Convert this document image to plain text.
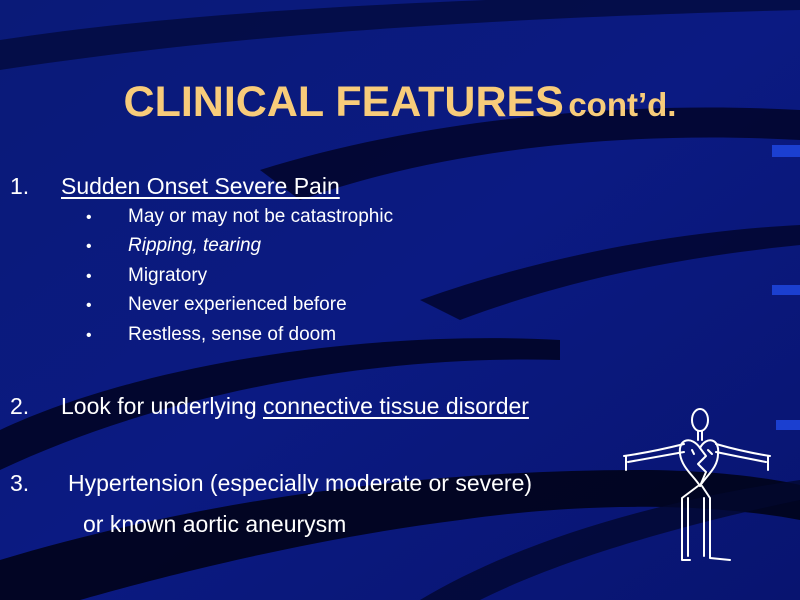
CLINICAL FEATURES cont’d.
1. Sudden Onset Severe Pain
• May or may not be catastrophic
• Ripping, tearing
• Migratory
• Never experienced before
• Restless, sense of doom
2. Look for underlying connective tissue disorder
3. Hypertension (especially moderate or severe)
or known aortic aneurysm
